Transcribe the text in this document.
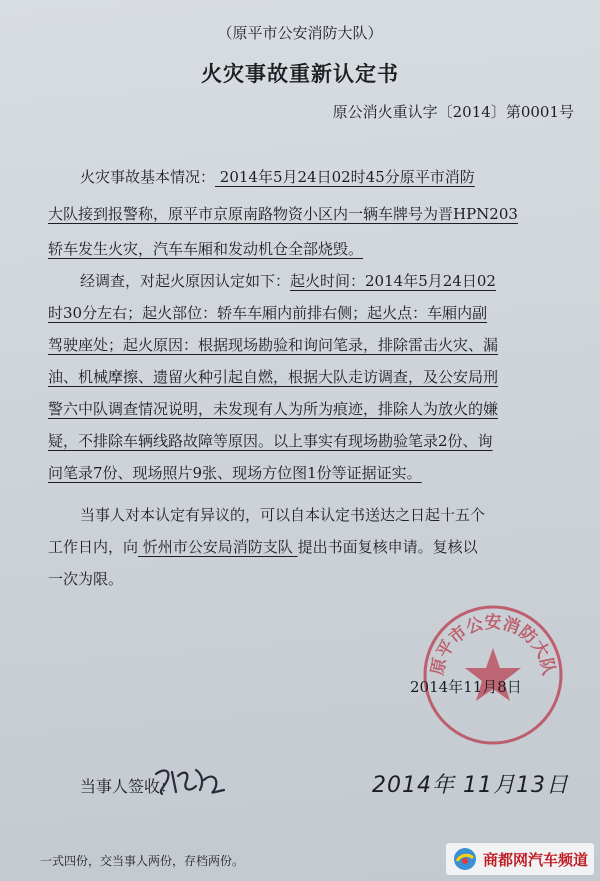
（原平市公安消防大队）
火灾事故重新认定书
原公消火重认字〔2014〕第0001号
火灾事故基本情况： 2014年5月24日02时45分原平市消防
大队接到报警称，原平市京原南路物资小区内一辆车牌号为晋HPN203
轿车发生火灾，汽车车厢和发动机仓全部烧毁。
经调查，对起火原因认定如下：起火时间：2014年5月24日02
时30分左右；起火部位：轿车车厢内前排右侧；起火点：车厢内副
驾驶座处；起火原因：根据现场勘验和询问笔录，排除雷击火灾、漏
油、机械摩擦、遗留火种引起自燃，根据大队走访调查，及公安局刑
警六中队调查情况说明，未发现有人为所为痕迹，排除人为放火的嫌
疑，不排除车辆线路故障等原因。以上事实有现场勘验笔录2份、询
问笔录7份、现场照片9张、现场方位图1份等证据证实。
当事人对本认定有异议的，可以自本认定书送达之日起十五个
工作日内，向 忻州市公安局消防支队 提出书面复核申请。复核以
一次为限。
原平市公安消防大队
2014年11月8日
当事人签收：	2014年 11月13日
一式四份，交当事人两份，存档两份。	商都网汽车频道
